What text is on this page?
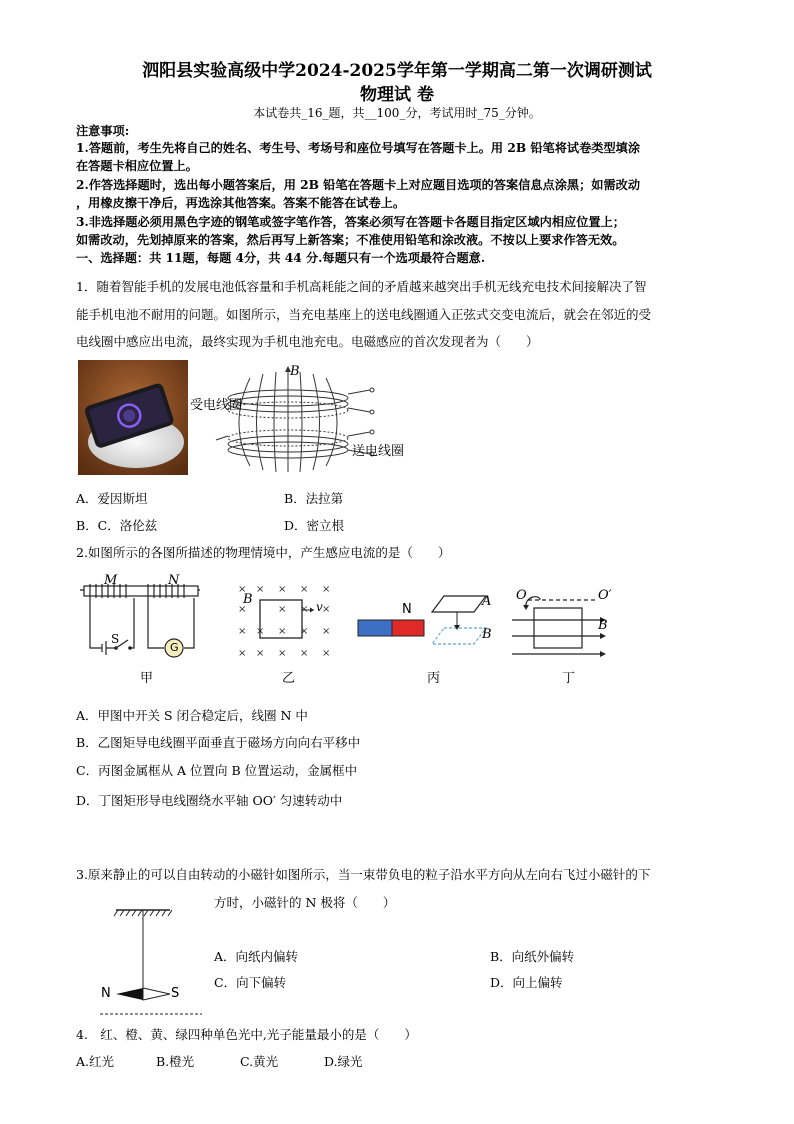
泗阳县实验高级中学2024-2025学年第一学期高二第一次调研测试
物理试 卷
本试卷共_16_题，共__100_分，考试用时_75_分钟。
注意事项:
1.答题前，考生先将自己的姓名、考生号、考场号和座位号填写在答题卡上。用 2B 铅笔将试卷类型填涂
在答题卡相应位置上。
2.作答选择题时，选出每小题答案后，用 2B 铅笔在答题卡上对应题目选项的答案信息点涂黑；如需改动
，用橡皮擦干净后，再选涂其他答案。答案不能答在试卷上。
3.非选择题必须用黑色字迹的钢笔或签字笔作答，答案必须写在答题卡各题目指定区域内相应位置上；
如需改动，先划掉原来的答案，然后再写上新答案；不准使用铅笔和涂改液。不按以上要求作答无效。
一、选择题：共 11题，每题 4分，共 44 分.每题只有一个选项最符合题意.
1．随着智能手机的发展电池低容量和手机高耗能之间的矛盾越来越突出手机无线充电技术间接解决了智
能手机电池不耐用的问题。如图所示，当充电基座上的送电线圈通入正弦式交变电流后，就会在邻近的受
电线圈中感应出电流，最终实现为手机电池充电。电磁感应的首次发现者为（　　）
B
受电线圈
送电线圈
A．爱因斯坦	B．法拉第
B．C．洛伦兹	D．密立根
2.如图所示的各图所描述的物理情境中，产生感应电流的是（　　）
M	N
S
G
× × × × ×
×	× × ×
× × × × ×
× × × × ×
B	v	N
A
B
O	O′
B
甲	乙	丙	丁
A．甲图中开关 S 闭合稳定后，线圈 N 中
B．乙图矩导电线圈平面垂直于磁场方向向右平移中
C．丙图金属框从 A 位置向 B 位置运动，金属框中
D．丁图矩形导电线圈绕水平轴 OO′ 匀速转动中
3.原来静止的可以自由转动的小磁针如图所示，当一束带负电的粒子沿水平方向从左向右飞过小磁针的下
方时，小磁针的 N 极将（　　）
N	S
A．向纸内偏转	B．向纸外偏转
C．向下偏转	D．向上偏转
4.　红、橙、黄、绿四种单色光中,光子能量最小的是（　　）
A.红光	B.橙光	C.黄光	D.绿光
